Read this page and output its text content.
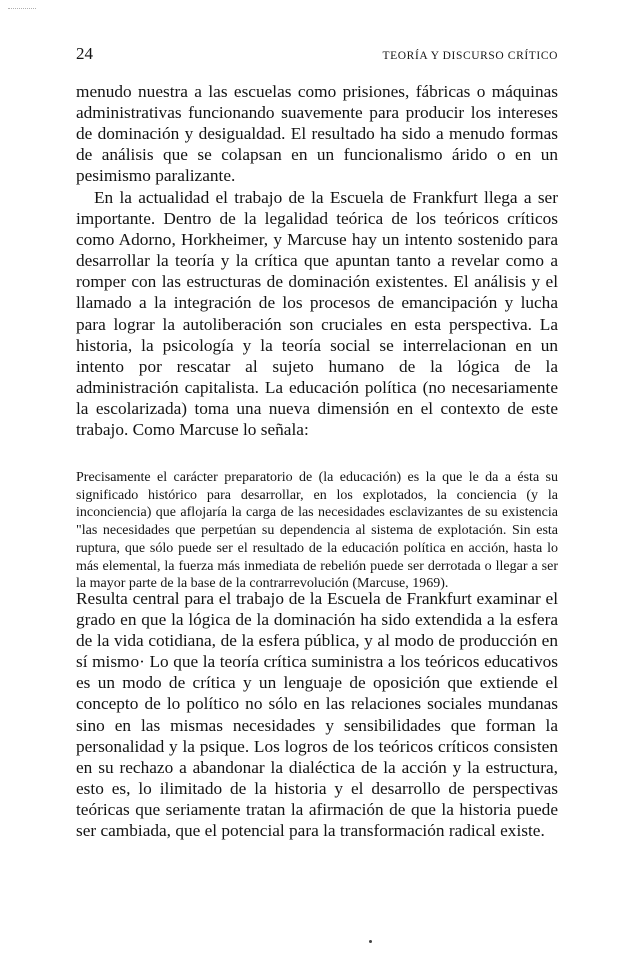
24	TEORÍA Y DISCURSO CRÍTICO

menudo nuestra a las escuelas como prisiones, fábricas o máquinas administrativas funcionando suavemente para producir los intereses de dominación y desigualdad. El resultado ha sido a menudo formas de análisis que se colapsan en un funcionalismo árido o en un pesimismo paralizante.

En la actualidad el trabajo de la Escuela de Frankfurt llega a ser importante. Dentro de la legalidad teórica de los teóricos críticos como Adorno, Horkheimer, y Marcuse hay un intento sostenido para desarrollar la teoría y la crítica que apuntan tanto a revelar como a romper con las estructuras de dominación existentes. El análisis y el llamado a la integración de los procesos de emancipación y lucha para lograr la autoliberación son cruciales en esta perspectiva. La historia, la psicología y la teoría social se interrelacionan en un intento por rescatar al sujeto humano de la lógica de la administración capitalista. La educación política (no necesariamente la escolarizada) toma una nueva dimensión en el contexto de este trabajo. Como Marcuse lo señala:

Precisamente el carácter preparatorio de (la educación) es la que le da a ésta su significado histórico para desarrollar, en los explotados, la conciencia (y la inconciencia) que aflojaría la carga de las necesidades esclavizantes de su existencia "las necesidades que perpetúan su dependencia al sistema de explotación. Sin esta ruptura, que sólo puede ser el resultado de la educación política en acción, hasta lo más elemental, la fuerza más inmediata de rebelión puede ser derrotada o llegar a ser la mayor parte de la base de la contrarrevolución (Marcuse, 1969).

Resulta central para el trabajo de la Escuela de Frankfurt examinar el grado en que la lógica de la dominación ha sido extendida a la esfera de la vida cotidiana, de la esfera pública, y al modo de producción en sí mismo· Lo que la teoría crítica suministra a los teóricos educativos es un modo de crítica y un lenguaje de oposición que extiende el concepto de lo político no sólo en las relaciones sociales mundanas sino en las mismas necesidades y sensibilidades que forman la personalidad y la psique. Los logros de los teóricos críticos consisten en su rechazo a abandonar la dialéctica de la acción y la estructura, esto es, lo ilimitado de la historia y el desarrollo de perspectivas teóricas que seriamente tratan la afirmación de que la historia puede ser cambiada, que el potencial para la transformación radical existe.
